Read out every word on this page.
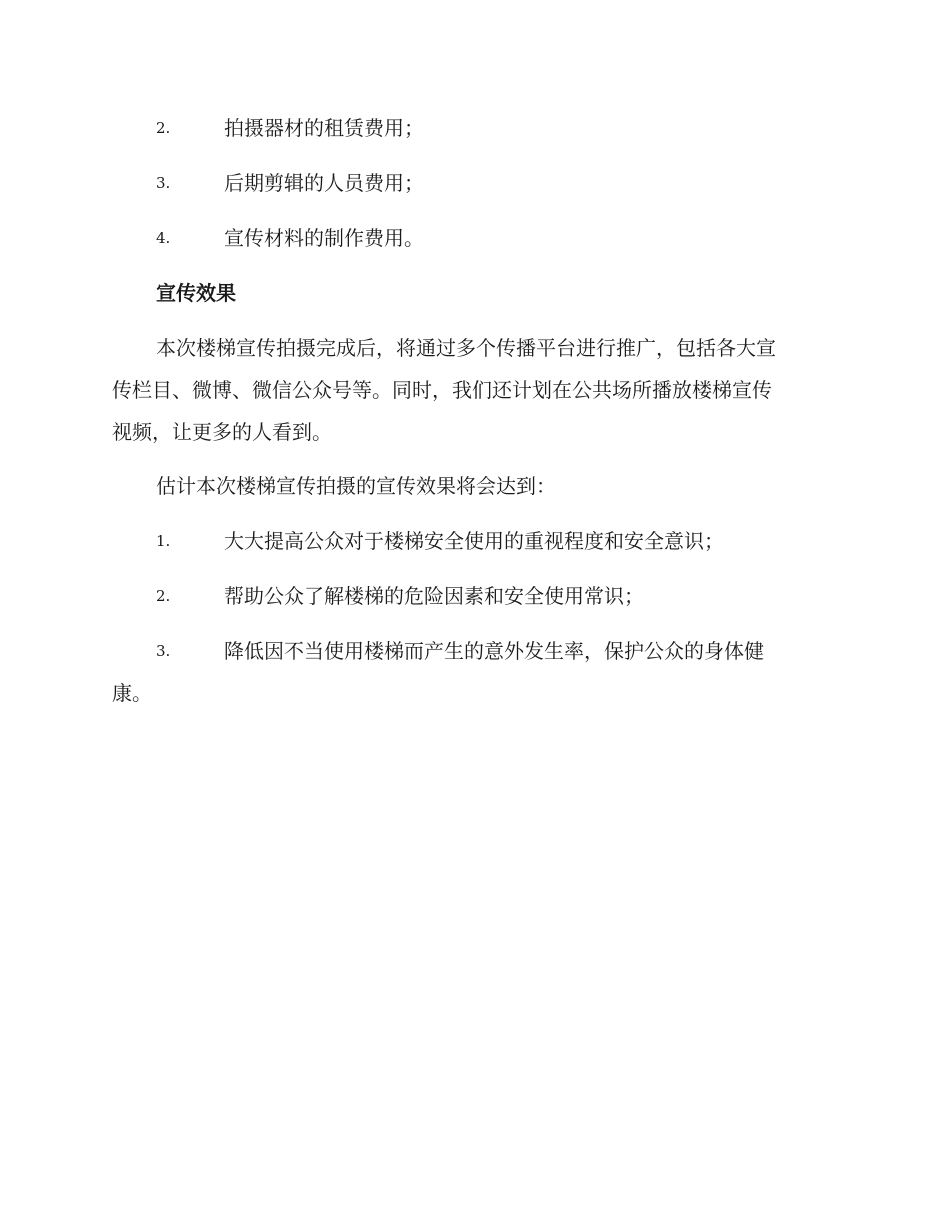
2.	拍摄器材的租赁费用；
3.	后期剪辑的人员费用；
4.	宣传材料的制作费用。
宣传效果
本次楼梯宣传拍摄完成后，将通过多个传播平台进行推广，包括各大宣
传栏目、微博、微信公众号等。同时，我们还计划在公共场所播放楼梯宣传
视频，让更多的人看到。
估计本次楼梯宣传拍摄的宣传效果将会达到：
1.	大大提高公众对于楼梯安全使用的重视程度和安全意识；
2.	帮助公众了解楼梯的危险因素和安全使用常识；
3.	降低因不当使用楼梯而产生的意外发生率，保护公众的身体健
康。
